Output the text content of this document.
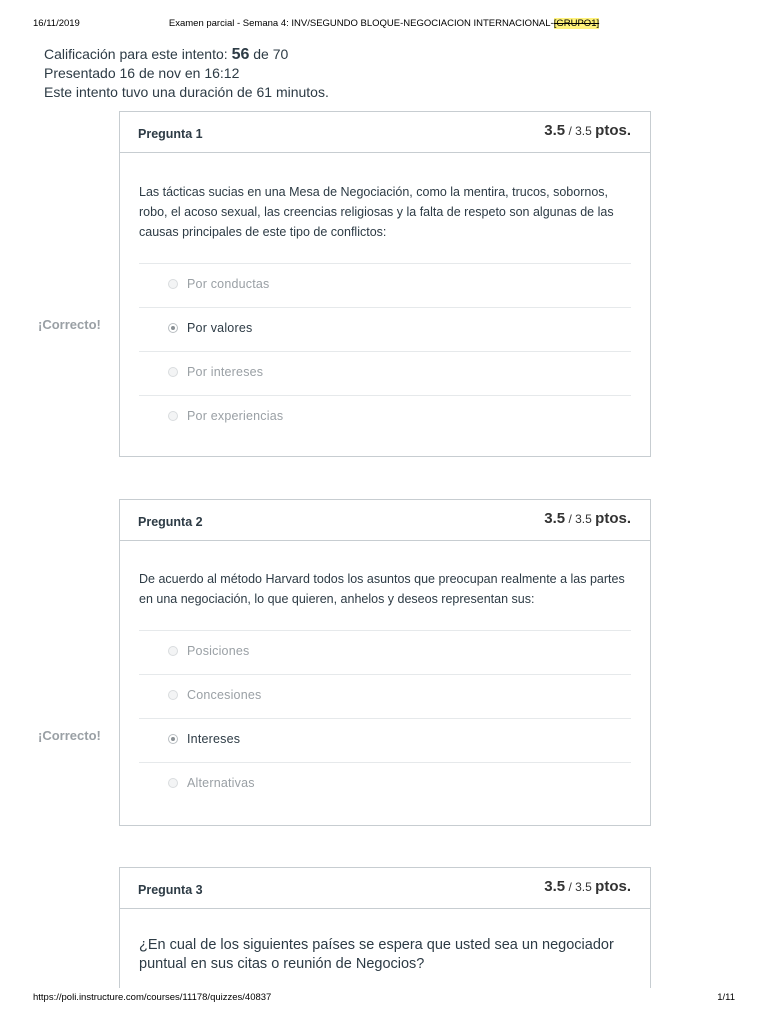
16/11/2019	Examen parcial - Semana 4: INV/SEGUNDO BLOQUE-NEGOCIACION INTERNACIONAL-[GRUPO1]
Calificación para este intento: 56 de 70
Presentado 16 de nov en 16:12
Este intento tuvo una duración de 61 minutos.
Pregunta 1	3.5 / 3.5 ptos.
Las tácticas sucias en una Mesa de Negociación, como la mentira, trucos, sobornos, robo, el acoso sexual, las creencias religiosas y la falta de respeto son algunas de las causas principales de este tipo de conflictos:
Por conductas
Por valores
Por intereses
Por experiencias
¡Correcto!
Pregunta 2	3.5 / 3.5 ptos.
De acuerdo al método Harvard todos los asuntos que preocupan realmente a las partes en una negociación, lo que quieren, anhelos y deseos representan sus:
Posiciones
Concesiones
Intereses
Alternativas
¡Correcto!
Pregunta 3	3.5 / 3.5 ptos.
¿En cual de los siguientes países se espera que usted sea un negociador puntual en sus citas o reunión de Negocios?
https://poli.instructure.com/courses/11178/quizzes/40837	1/11
